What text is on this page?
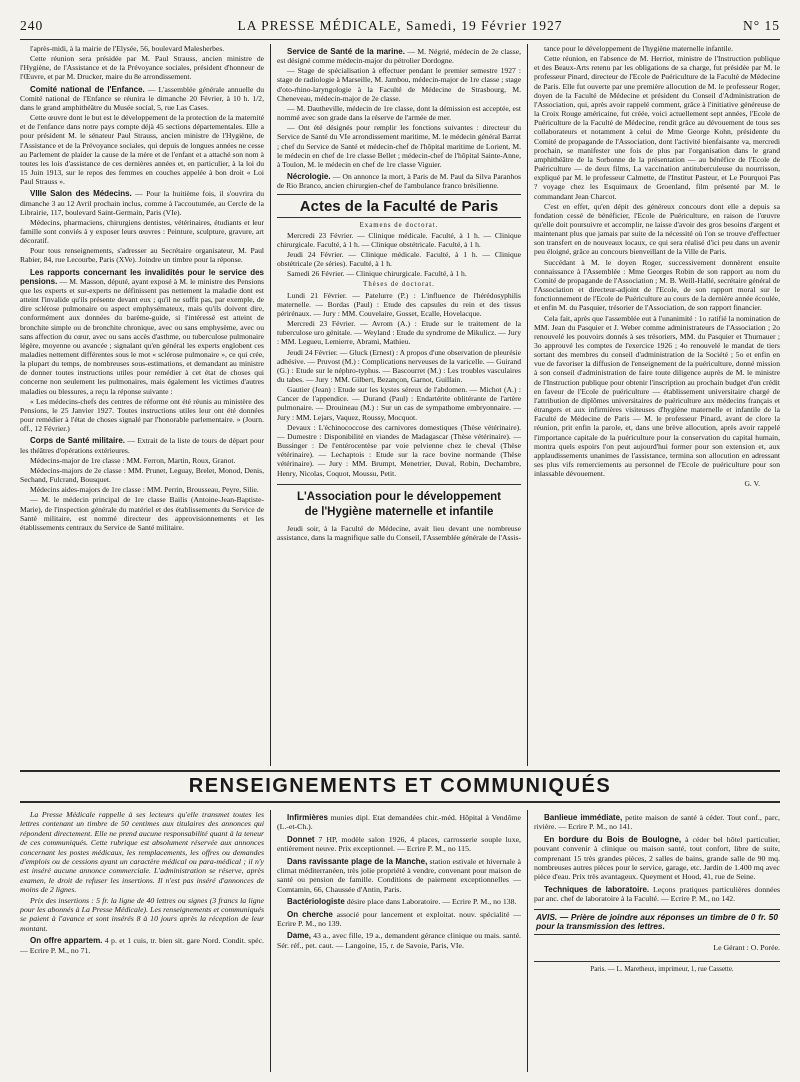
240	LA PRESSE MÉDICALE, Samedi, 19 Février 1927	N° 15

l'après-midi, à la mairie de l'Elysée, 56, boulevard Malesherbes.

Cette réunion sera présidée par M. Paul Strauss, ancien ministre de l'Hygiène, de l'Assistance et de la Prévoyance sociales, président d'honneur de l'Œuvre, et par M. Drucker, maire du 8e arrondissement.

Comité national de l'Enfance. — L'assemblée générale annuelle du Comité national de l'Enfance se réunira le dimanche 20 Février, à 10 h. 1/2, dans le grand amphithéâtre du Musée social, 5, rue Las Cases.

Cette œuvre dont le but est le développement de la protection de la maternité et de l'enfance dans notre pays compte déjà 45 sections départementales. Elle a pour président M. le sénateur Paul Strauss, ancien ministre de l'Hygiène, de l'Assistance et de la Prévoyance sociales, qui depuis de longues années ne cesse au Parlement de plaider la cause de la mère et de l'enfant et a attaché son nom à toutes les lois d'assistance de ces dernières années et, en particulier, à la loi du 15 Juin 1913, sur le repos des femmes en couches appelée à bon droit « Loi Paul Strauss ».

VIIIe Salon des Médecins. — Pour la huitième fois, il s'ouvrira du dimanche 3 au 12 Avril prochain inclus, comme à l'accoutumée, au Cercle de la Librairie, 117, boulevard Saint-Germain, Paris (VIe).

Médecins, pharmaciens, chirurgiens dentistes, vétérinaires, étudiants et leur famille sont conviés à y exposer leurs œuvres : Peinture, sculpture, gravure, art décoratif.

Pour tous renseignements, s'adresser au Secrétaire organisateur, M. Paul Rabier, 84, rue Lecourbe, Paris (XVe). Joindre un timbre pour la réponse.

Les rapports concernant les invalidités pour le service des pensions. — M. Masson, député, ayant exposé à M. le ministre des Pensions que les experts et sur-experts ne définissent pas nettement la maladie dont est atteint l'invalide qu'ils présente devant eux ; qu'il ne suffit pas, par exemple, de dire sclérose pulmonaire ou aspect emphysémateux, mais qu'ils doivent dire, conformément aux données du barème-guide, si l'intéressé est atteint de bronchite simple ou de bronchite chronique, avec ou sans emphysème, avec ou sans affection du cœur, avec ou sans accès d'asthme, ou tuberculose pulmonaire légère, moyenne ou avancée ; signalant qu'en général les experts englobent ces maladies nettement différentes sous le mot « sclérose pulmonaire », ce qui crée, la plupart du temps, de nombreuses sous-estimations, et demandant au ministre de donner toutes instructions utiles pour remédier à cet état de choses qui concerne non seulement les pulmonaires, mais également les victimes d'autres maladies ou blessures, a reçu la réponse suivante :

« Les médecins-chefs des centres de réforme ont été réunis au ministère des Pensions, le 25 Janvier 1927. Toutes instructions utiles leur ont été données pour remédier à l'état de choses signalé par l'honorable parlementaire. » (Journ. off., 12 Février.)

Corps de Santé militaire. — Extrait de la liste de tours de départ pour les théâtres d'opérations extérieures.

Médecins-major de 1re classe : MM. Ferron, Martin, Roux, Granot.

Médecins-majors de 2e classe : MM. Prunet, Leguay, Brelet, Monod, Denis, Sechand, Fulcrand, Bousquet.

Médecins aides-majors de 1re classe : MM. Perrin, Brousseau, Peyre, Silie.

— M. le médecin principal de 1re classe Bailis (Antoine-Jean-Baptiste-Marie), de l'inspection générale du matériel et des établissements du Service de Santé militaire, est nommé directeur des approvisionnements et les établissements centraux du Service de Santé militaire.

Service de Santé de la marine. — M. Négrié, médecin de 2e classe, est désigné comme médecin-major du pétrolier Dordogne.

— Stage de spécialisation à effectuer pendant le premier semestre 1927 : stage de radiologie à Marseille, M. Jambou, médecin-major de 1re classe ; stage d'oto-rhino-laryngologie à la Faculté de Médecine de Strasbourg, M. Cheneveau, médecin-major de 2e classe.

— M. Dautheville, médecin de 1re classe, dont la démission est acceptée, est nommé avec son grade dans la réserve de l'armée de mer.

— Ont été désignés pour remplir les fonctions suivantes : directeur du Service de Santé du VIe arrondissement maritime, M. le médecin général Barrat ; chef du Service de Santé et médecin-chef de l'hôpital maritime de Lorient, M. le médecin en chef de 1re classe Bellet ; médecin-chef de l'hôpital Sainte-Anne, à Toulon, M. le médecin en chef de 1re classe Viguier.

Nécrologie. — On annonce la mort, à Paris de M. Paul da Silva Paranhos de Rio Branco, ancien chirurgien-chef de l'ambulance franco brésilienne.

Actes de la Faculté de Paris

Examens de doctorat.

Mercredi 23 Février. — Clinique médicale. Faculté, à 1 h. — Clinique chirurgicale. Faculté, à 1 h. — Clinique obstétricale. Faculté, à 1 h.

Jeudi 24 Février. — Clinique médicale. Faculté, à 1 h. — Clinique obstétricale (2e séries). Faculté, à 1 h.

Samedi 26 Février. — Clinique chirurgicale. Faculté, à 1 h.

Thèses de doctorat.

Lundi 21 Février. — Patelurre (P.) : L'influence de l'hérédosyphilis maternelle. — Bordas (Paul) : Etude des capsules du rein et des tissus périrénaux. — Jury : MM. Couvelaire, Gosset, Ecalle, Hovelacque.

Mercredi 23 Février. — Avrom (A.) : Etude sur le traitement de la tuberculose uro génitale. — Weyland : Etude du syndrome de Mikulicz. — Jury : MM. Legueu, Lemierre, Abrami, Mathieu.

Jeudi 24 Février. — Gluck (Ernest) : A propos d'une observation de pleurésie adhésive. — Pruvost (M.) : Complications nerveuses de la varicelle. — Guirand (G.) : Etude sur le néphro-typhus. — Bascourret (M.) : Les troubles vasculaires du tabes. — Jury : MM. Gilbert, Bezançon, Garnot, Guillain.

Gautier (Jean) : Etude sur les kystes séreux de l'abdomen. — Michot (A.) : Cancer de l'appendice. — Durand (Paul) : Endartérite oblitérante de l'artère pulmonaire. — Drouineau (M.) : Sur un cas de sympathome embryonnaire. — Jury : MM. Lejars, Vaquez, Roussy, Mocquot.

Devaux : L'échinococcose des carnivores domestiques (Thèse vétérinaire). — Dumestre : Disponibilité en viandes de Madagascar (Thèse vétérinaire). — Bussinger : De l'entérocentèse par voie pelvienne chez le cheval (Thèse vétérinaire). — Lechaptois : Etude sur la race bovine normande (Thèse vétérinaire). — Jury : MM. Brumpt, Menetrier, Duval, Robin, Dechambre, Henry, Nicolas, Coquot, Moussu, Petit.

L'Association pour le développement
de l'Hygiène maternelle et infantile

Jeudi soir, à la Faculté de Médecine, avait lieu devant une nombreuse assistance, dans la magnifique salle du Conseil, l'Assemblée générale de l'Assis-

tance pour le développement de l'hygiène maternelle infantile.

Cette réunion, en l'absence de M. Herriot, ministre de l'Instruction publique et des Beaux-Arts retenu par les obligations de sa charge, fut présidée par M. le professeur Pinard, directeur de l'Ecole de Puériculture de la Faculté de Médecine de Paris. Elle fut ouverte par une première allocution de M. le professeur Roger, doyen de la Faculté de Médecine et président du Conseil d'Administration de l'Association, qui, après avoir rappelé comment, grâce à l'initiative généreuse de la Croix Rouge américaine, fut créée, voici actuellement sept années, l'Ecole de Puériculture de la Faculté de Médecine, rendit grâce au dévouement de tous ses collaborateurs et notamment à celui de Mme George Kohn, présidente du Comité de propagande de l'Association, dont l'activité bienfaisante va, mercredi prochain, se manifester une fois de plus par l'organisation dans le grand amphithéâtre de la Sorbonne de la présentation — au bénéfice de l'Ecole de Puériculture — de deux films, La vaccination antituberculeuse du nourrisson, expliqué par M. le professeur Calmette, de l'Institut Pasteur, et Le Pourquoi Pas ? voyage chez les Esquimaux de Groenland, film présenté par M. le commandant Jean Charcot.

C'est en effet, qu'en dépit des généreux concours dont elle a depuis sa fondation cessé de bénéficier, l'Ecole de Puériculture, en raison de l'œuvre qu'elle doit poursuivre et accomplir, ne laisse d'avoir des gros besoins d'argent et maintenant plus que jamais par suite de la nécessité où l'on se trouve d'effectuer son transfert en de nouveaux locaux, ce qui sera réalisé d'ici peu dans un avenir peu éloigné, grâce au concours bienveillant de la Ville de Paris.

Succédant à M. le doyen Roger, successivement donnèrent ensuite connaissance à l'Assemblée : Mme Georges Robin de son rapport au nom du Comité de propagande de l'Association ; M. B. Weill-Hallé, secrétaire général de l'Association et directeur-adjoint de l'Ecole, de son rapport moral sur le fonctionnement de l'Ecole de Puériculture au cours de la dernière année écoulée, et enfin M. du Pasquier, trésorier de l'Association, de son rapport financier.

Cela fait, après que l'assemblée eut à l'unanimité : 1o ratifié la nomination de MM. Jean du Pasquier et J. Weber comme administrateurs de l'Association ; 2o renouvelé les pouvoirs donnés à ses trésoriers, MM. du Pasquier et Thurnauer ; 3o approuvé les comptes de l'exercice 1926 ; 4o renouvelé le mandat de tiers sortant des membres du conseil d'administration de la Société ; 5o et enfin en vue de favoriser la diffusion de l'enseignement de la puériculture, donné mission à son conseil d'administration de faire toute diligence auprès de M. le ministre de l'Instruction publique pour obtenir l'inscription au prochain budget d'un crédit en faveur de l'Ecole de puériculture — établissement universitaire chargé de l'attribution de diplômes universitaires de puériculture aux médecins français et étrangers et aux infirmières visiteuses d'hygiène maternelle et infantile de la Faculté de Médecine de Paris — M. le professeur Pinard, avant de clore la réunion, prit enfin la parole, et, dans une brève allocution, après avoir rappelé l'importance capitale de la puériculture pour la conservation du capital humain, montra quels espoirs l'on peut aujourd'hui former pour son extension et, aux applaudissements unanimes de l'assistance, termina son allocution en adressant ses plus vifs remerciements au personnel de l'Ecole de puériculture pour son inlassable dévouement.

G. V.

RENSEIGNEMENTS ET COMMUNIQUÉS

La Presse Médicale rappelle à ses lecteurs qu'elle transmet toutes les lettres contenant un timbre de 50 centimes aux titulaires des annonces qui répondent directement. Elle ne prend aucune responsabilité quant à la teneur de ces communiqués. Cette rubrique est absolument réservée aux annonces concernant les postes médicaux, les remplacements, les offres ou demandes d'emplois ou de cessions ayant un caractère médical ou para-médical ; il n'y est inséré aucune annonce commerciale. L'administration se réserve, après examen, le droit de refuser les insertions. Il n'est pas inséré d'annonces de moins de 2 lignes.

Prix des insertions : 5 fr. la ligne de 40 lettres ou signes (3 francs la ligne pour les abonnés à La Presse Médicale). Les renseignements et communiqués se paient à l'avance et sont insérés 8 à 10 jours après la réception de leur montant.

On offre appartem. 4 p. et 1 cuis, tr. bien sit. gare Nord. Condit. spéc. — Ecrire P. M., no 71.

Infirmières munies dipl. Etat demandées chir.-méd. Hôpital à Vendôme (L.-et-Ch.).

Donnet 7 HP, modèle salon 1926, 4 places, carrosserie souple luxe, entièrement neuve. Prix exceptionnel. — Ecrire P. M., no 115.

Dans ravissante plage de la Manche, station estivale et hivernale à climat méditerranéen, très jolie propriété à vendre, convenant pour maison de santé ou pension de famille. Conditions de paiement exceptionnelles — Comtamin, 66, Chaussée d'Antin, Paris.

Bactériologiste désire place dans Laboratoire. — Ecrire P. M., no 138.

On cherche associé pour lancement et exploitat. nouv. spécialité — Ecrire P. M., no 139.

Dame, 43 a., avec fille, 19 a., demandent gérance clinique ou mais. santé. Sér. réf., pet. caut. — Langoine, 15, r. de Savoie, Paris, VIe.

Banlieue immédiate, petite maison de santé à céder. Tout conf., parc, rivière. — Ecrire P. M., no 141.

En bordure du Bois de Boulogne, à céder bel hôtel particulier, pouvant convenir à clinique ou maison santé, tout confort, libre de suite, comprenant 15 très grandes pièces, 2 salles de bains, grande salle de 90 mq. nombreuses autres pièces pour le service, garage, etc. Jardin de 1.400 mq avec pièce d'eau. Prix très avantageux. Queyment et Hood, 41, rue de Seine.

Techniques de laboratoire. Leçons pratiques particulières données par anc. chef de laboratoire à la Faculté. — Ecrire P. M., no 142.

AVIS. — Prière de joindre aux réponses un timbre de 0 fr. 50 pour la transmission des lettres.

Le Gérant : O. Porée.

Paris. — L. Maretheux, imprimeur, 1, rue Cassette.
